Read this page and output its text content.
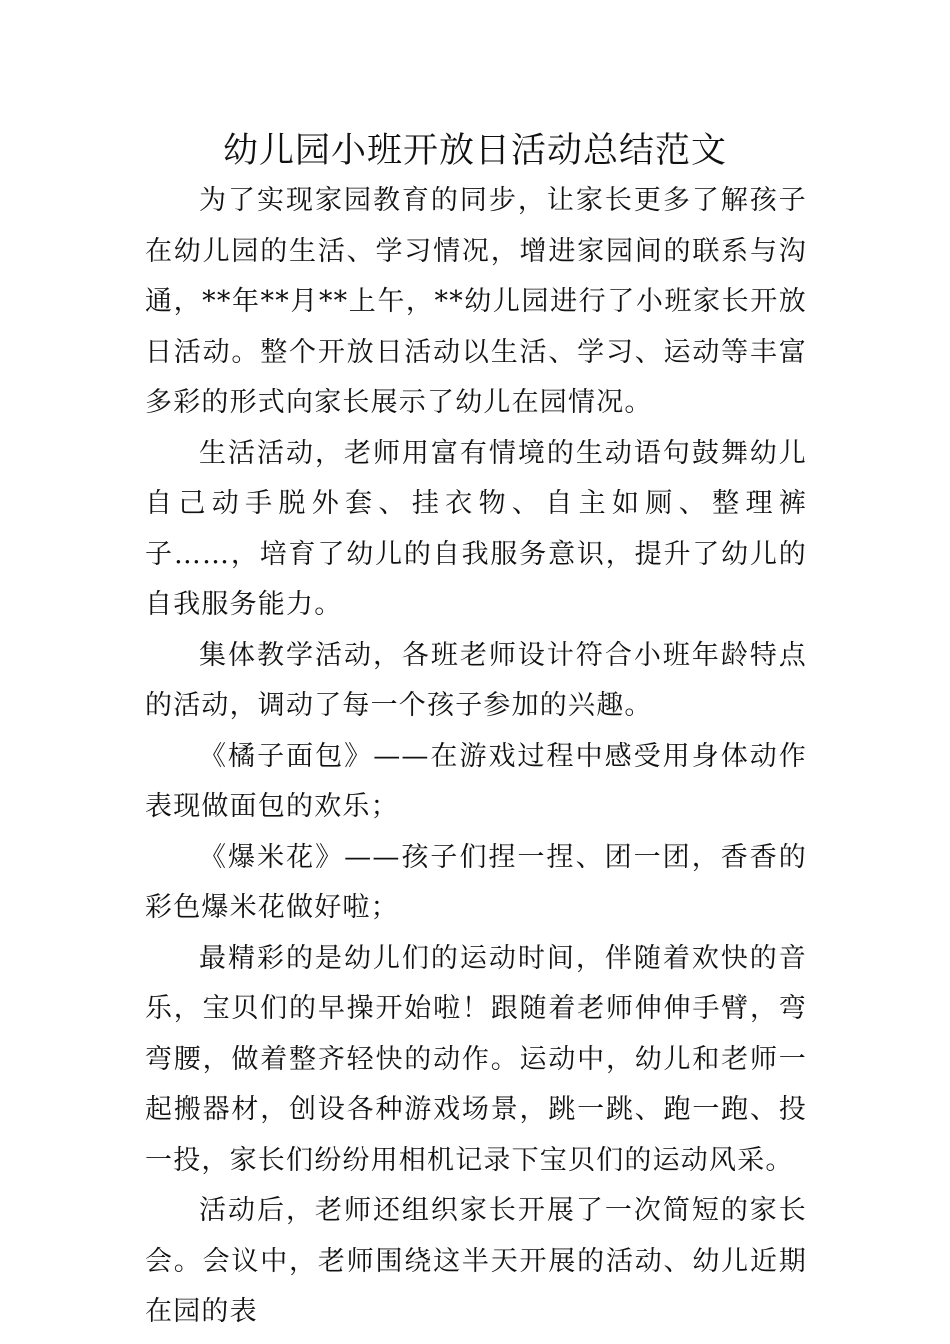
幼儿园小班开放日活动总结范文

为了实现家园教育的同步，让家长更多了解孩子在幼儿园的生活、学习情况，增进家园间的联系与沟通，**年**月**上午，**幼儿园进行了小班家长开放日活动。整个开放日活动以生活、学习、运动等丰富多彩的形式向家长展示了幼儿在园情况。

生活活动，老师用富有情境的生动语句鼓舞幼儿自己动手脱外套、挂衣物、自主如厕、整理裤子……，培育了幼儿的自我服务意识，提升了幼儿的自我服务能力。

集体教学活动，各班老师设计符合小班年龄特点的活动，调动了每一个孩子参加的兴趣。

《橘子面包》——在游戏过程中感受用身体动作表现做面包的欢乐；

《爆米花》——孩子们捏一捏、团一团，香香的彩色爆米花做好啦；

最精彩的是幼儿们的运动时间，伴随着欢快的音乐，宝贝们的早操开始啦！跟随着老师伸伸手臂，弯弯腰，做着整齐轻快的动作。运动中，幼儿和老师一起搬器材，创设各种游戏场景，跳一跳、跑一跑、投一投，家长们纷纷用相机记录下宝贝们的运动风采。

活动后，老师还组织家长开展了一次简短的家长会。会议中，老师围绕这半天开展的活动、幼儿近期在园的表
